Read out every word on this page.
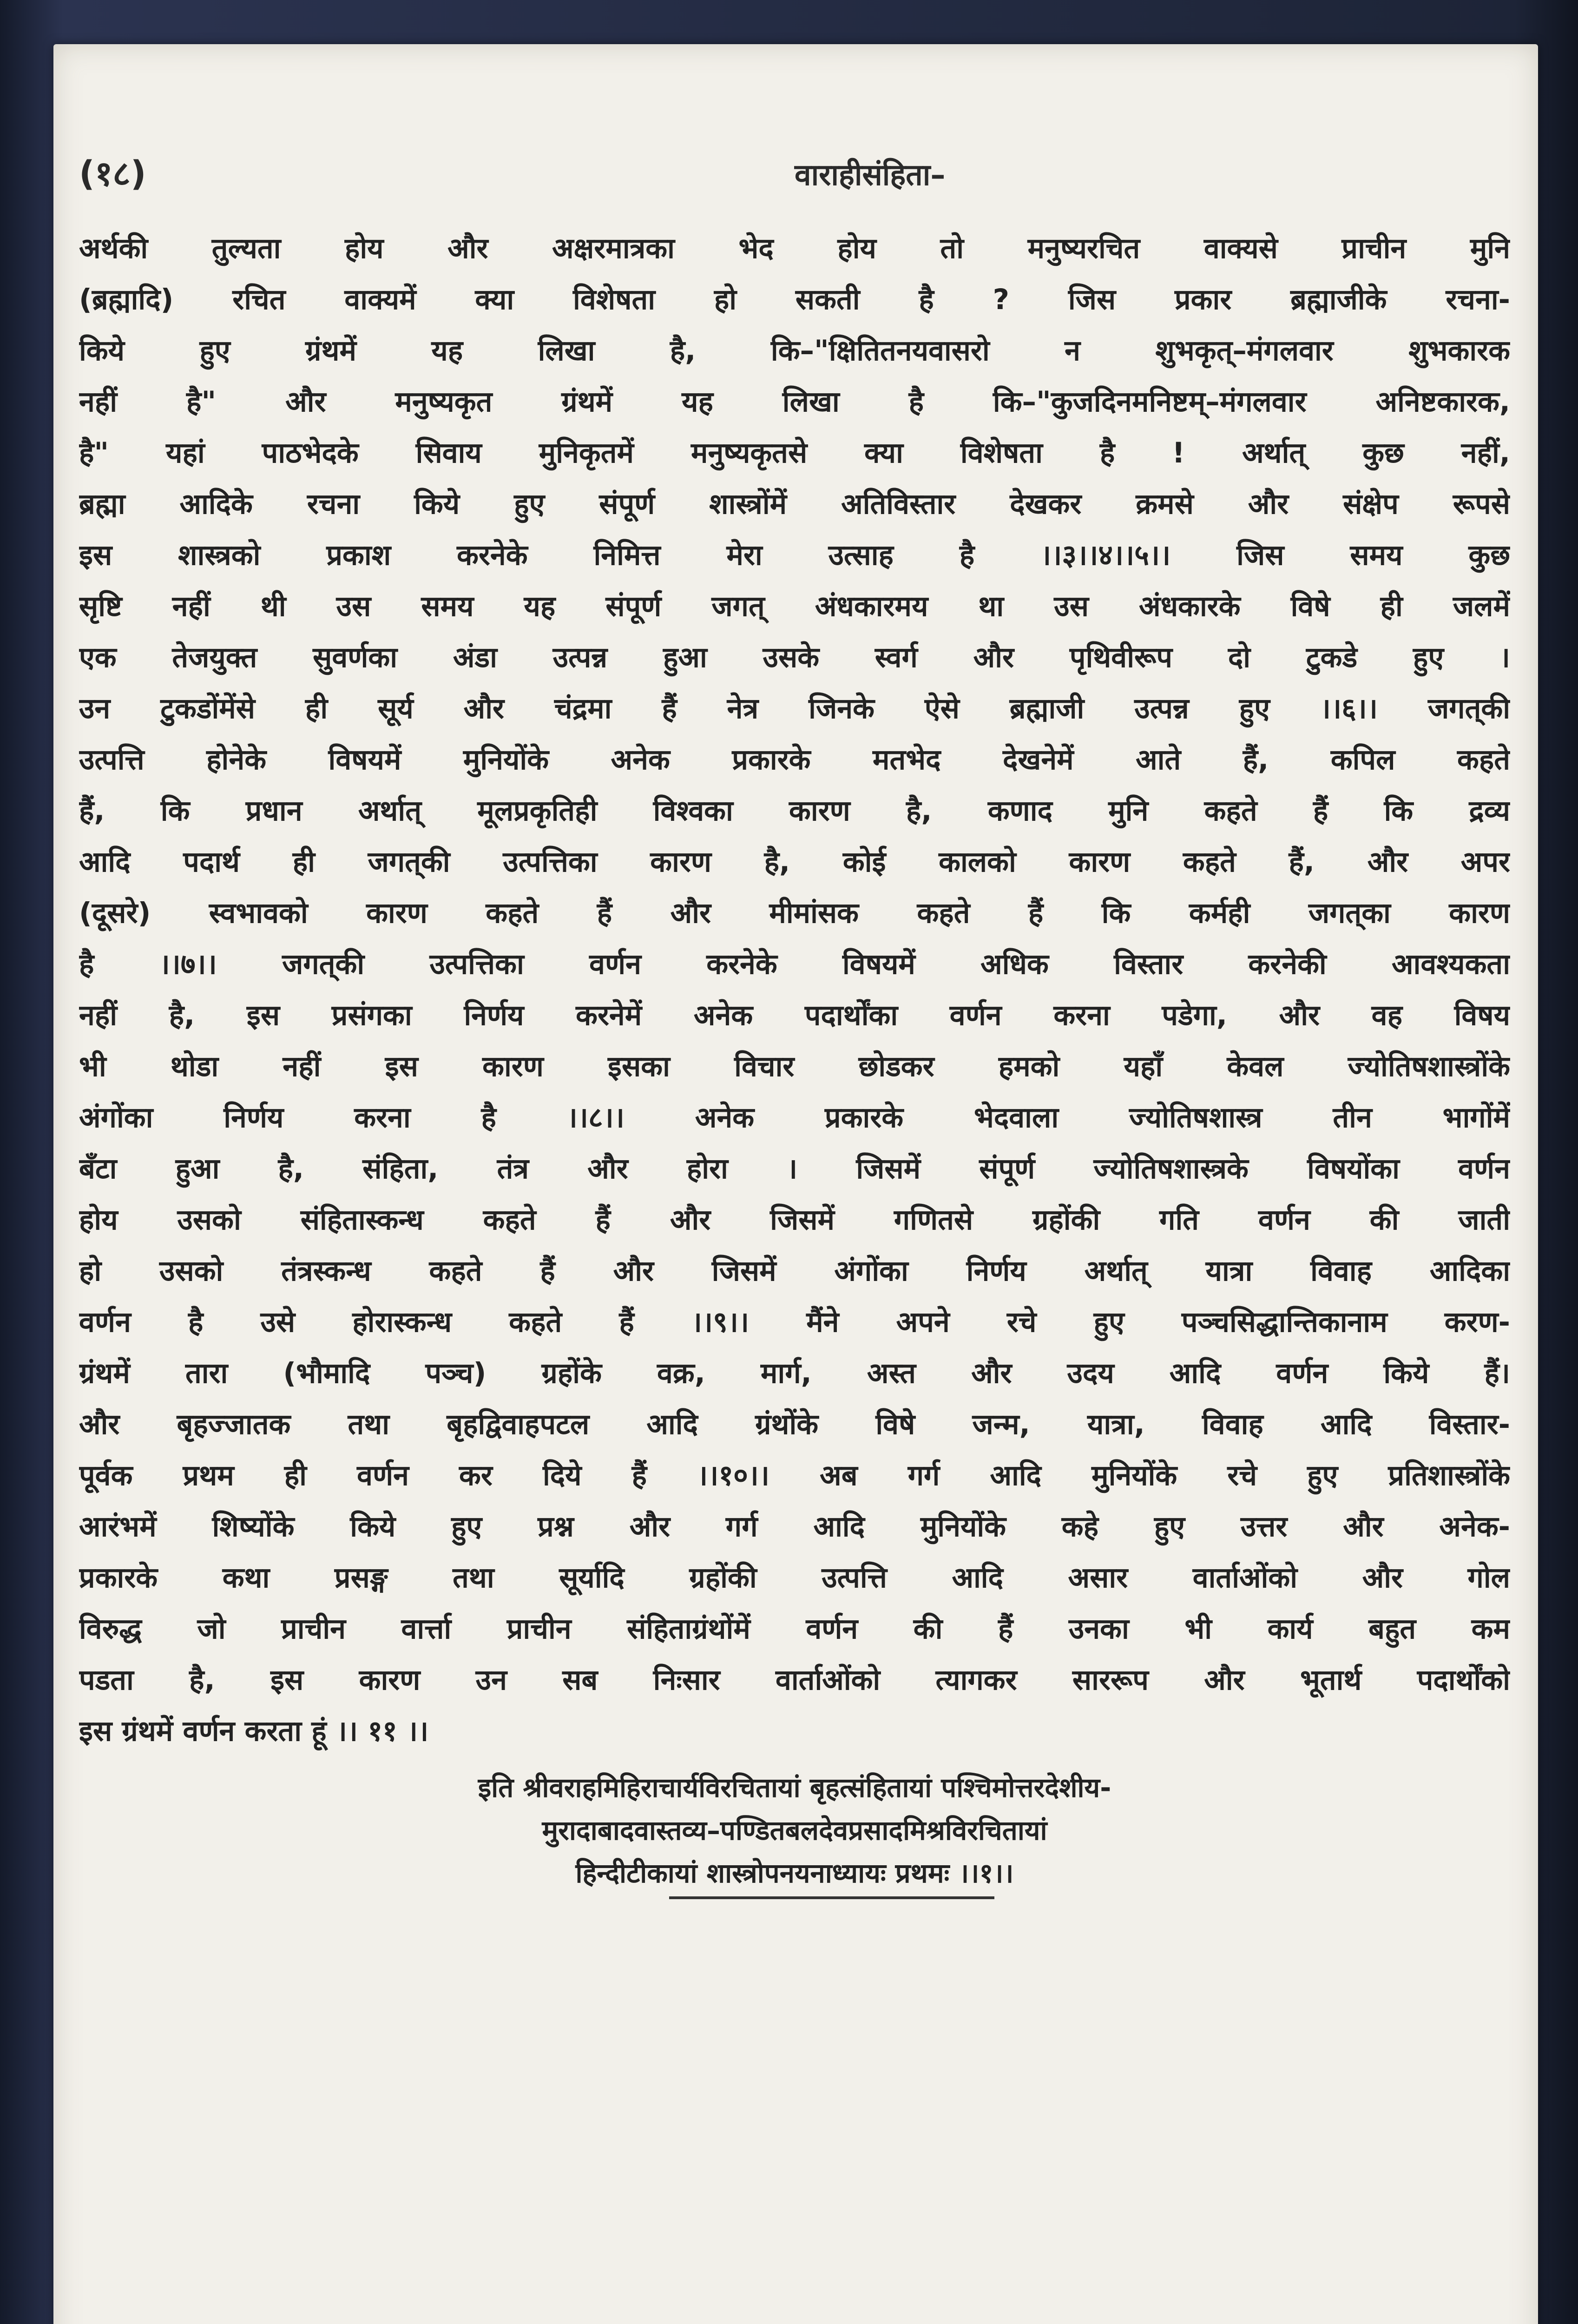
(१८)	वाराहीसंहिता–
अर्थकी तुल्यता होय और अक्षरमात्रका भेद होय तो मनुष्यरचित वाक्यसे प्राचीन मुनि
(ब्रह्मादि) रचित वाक्यमें क्या विशेषता हो सकती है ? जिस प्रकार ब्रह्माजीके रचना-
किये हुए ग्रंथमें यह लिखा है, कि–"क्षितितनयवासरो न शुभकृत्–मंगलवार शुभकारक
नहीं है" और मनुष्यकृत ग्रंथमें यह लिखा है कि–"कुजदिनमनिष्टम्–मंगलवार अनिष्टकारक,
है" यहां पाठभेदके सिवाय मुनिकृतमें मनुष्यकृतसे क्या विशेषता है ! अर्थात् कुछ नहीं,
ब्रह्मा आदिके रचना किये हुए संपूर्ण शास्त्रोंमें अतिविस्तार देखकर क्रमसे और संक्षेप रूपसे
इस शास्त्रको प्रकाश करनेके निमित्त मेरा उत्साह है ।।३।।४।।५।। जिस समय कुछ
सृष्टि नहीं थी उस समय यह संपूर्ण जगत् अंधकारमय था उस अंधकारके विषे ही जलमें
एक तेजयुक्त सुवर्णका अंडा उत्पन्न हुआ उसके स्वर्ग और पृथिवीरूप दो टुकडे हुए ।
उन टुकडोंमेंसे ही सूर्य और चंद्रमा हैं नेत्र जिनके ऐसे ब्रह्माजी उत्पन्न हुए ।।६।। जगत्‌की
उत्पत्ति होनेके विषयमें मुनियोंके अनेक प्रकारके मतभेद देखनेमें आते हैं, कपिल कहते
हैं, कि प्रधान अर्थात् मूलप्रकृतिही विश्वका कारण है, कणाद मुनि कहते हैं कि द्रव्य
आदि पदार्थ ही जगत्‌की उत्पत्तिका कारण है, कोई कालको कारण कहते हैं, और अपर
(दूसरे) स्वभावको कारण कहते हैं और मीमांसक कहते हैं कि कर्मही जगत्‌का कारण
है ।।७।। जगत्‌की उत्पत्तिका वर्णन करनेके विषयमें अधिक विस्तार करनेकी आवश्यकता
नहीं है, इस प्रसंगका निर्णय करनेमें अनेक पदार्थोंका वर्णन करना पडेगा, और वह विषय
भी थोडा नहीं इस कारण इसका विचार छोडकर हमको यहाँ केवल ज्योतिषशास्त्रोंके
अंगोंका निर्णय करना है ।।८।। अनेक प्रकारके भेदवाला ज्योतिषशास्त्र तीन भागोंमें
बँटा हुआ है, संहिता, तंत्र और होरा । जिसमें संपूर्ण ज्योतिषशास्त्रके विषयोंका वर्णन
होय उसको संहितास्कन्ध कहते हैं और जिसमें गणितसे ग्रहोंकी गति वर्णन की जाती
हो उसको तंत्रस्कन्ध कहते हैं और जिसमें अंगोंका निर्णय अर्थात् यात्रा विवाह आदिका
वर्णन है उसे होरास्कन्ध कहते हैं ।।९।। मैंने अपने रचे हुए पञ्चसिद्धान्तिकानाम करण-
ग्रंथमें तारा (भौमादि पञ्च) ग्रहोंके वक्र, मार्ग, अस्त और उदय आदि वर्णन किये हैं।
और बृहज्जातक तथा बृहद्विवाहपटल आदि ग्रंथोंके विषे जन्म, यात्रा, विवाह आदि विस्तार-
पूर्वक प्रथम ही वर्णन कर दिये हैं ।।१०।। अब गर्ग आदि मुनियोंके रचे हुए प्रतिशास्त्रोंके
आरंभमें शिष्योंके किये हुए प्रश्न और गर्ग आदि मुनियोंके कहे हुए उत्तर और अनेक-
प्रकारके कथा प्रसङ्ग तथा सूर्यादि ग्रहोंकी उत्पत्ति आदि असार वार्ताओंको और गोल
विरुद्ध जो प्राचीन वार्त्ता प्राचीन संहिताग्रंथोंमें वर्णन की हैं उनका भी कार्य बहुत कम
पडता है, इस कारण उन सब निःसार वार्ताओंको त्यागकर साररूप और भूतार्थ पदार्थोंको
इस ग्रंथमें वर्णन करता हूं ।। ११ ।।
इति श्रीवराहमिहिराचार्यविरचितायां बृहत्संहितायां पश्चिमोत्तरदेशीय-
मुरादाबादवास्तव्य–पण्डितबलदेवप्रसादमिश्रविरचितायां
हिन्दीटीकायां शास्त्रोपनयनाध्यायः प्रथमः ।।१।।
